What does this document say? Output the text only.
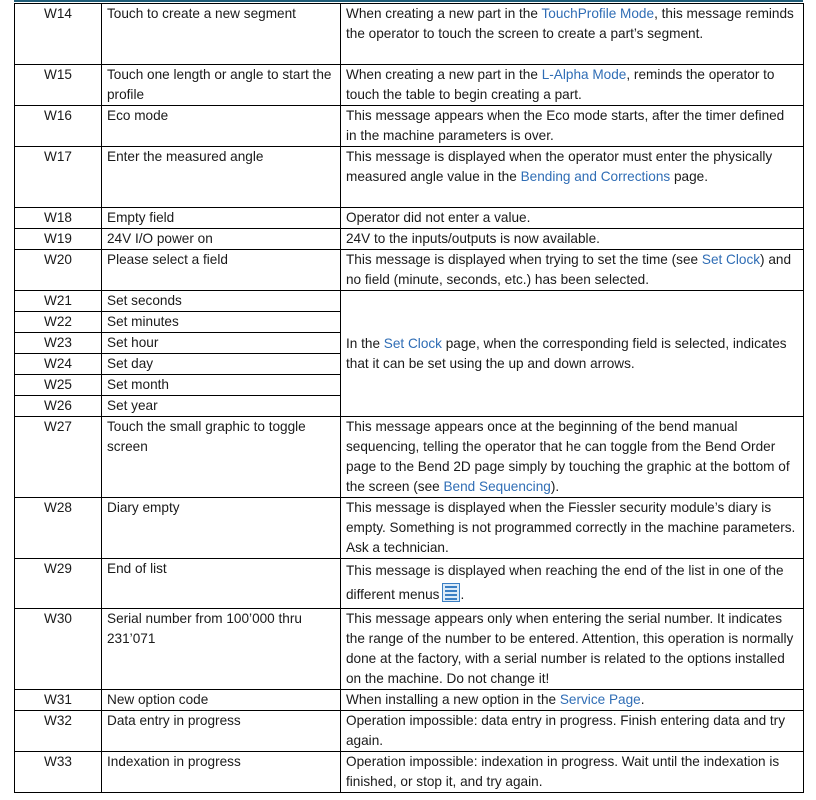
W14	Touch to create a new segment	When creating a new part in the TouchProfile Mode, this message reminds the operator to touch the screen to create a part’s segment.
W15	Touch one length or angle to start the profile	When creating a new part in the L-Alpha Mode, reminds the operator to touch the table to begin creating a part.
W16	Eco mode	This message appears when the Eco mode starts, after the timer defined in the machine parameters is over.
W17	Enter the measured angle	This message is displayed when the operator must enter the physically measured angle value in the Bending and Corrections page.
W18	Empty field	Operator did not enter a value.
W19	24V I/O power on	24V to the inputs/outputs is now available.
W20	Please select a field	This message is displayed when trying to set the time (see Set Clock) and no field (minute, seconds, etc.) has been selected.
W21	Set seconds	In the Set Clock page, when the corresponding field is selected, indicates that it can be set using the up and down arrows.
W22	Set minutes	
W23	Set hour	
W24	Set day	
W25	Set month	
W26	Set year	
W27	Touch the small graphic to toggle screen	This message appears once at the beginning of the bend manual sequencing, telling the operator that he can toggle from the Bend Order page to the Bend 2D page simply by touching the graphic at the bottom of the screen (see Bend Sequencing).
W28	Diary empty	This message is displayed when the Fiessler security module’s diary is empty. Something is not programmed correctly in the machine parameters. Ask a technician.
W29	End of list	This message is displayed when reaching the end of the list in one of the different menus .
W30	Serial number from 100’000 thru 231’071	This message appears only when entering the serial number. It indicates the range of the number to be entered. Attention, this operation is normally done at the factory, with a serial number is related to the options installed on the machine. Do not change it!
W31	New option code	When installing a new option in the Service Page.
W32	Data entry in progress	Operation impossible: data entry in progress. Finish entering data and try again.
W33	Indexation in progress	Operation impossible: indexation in progress. Wait until the indexation is finished, or stop it, and try again.
